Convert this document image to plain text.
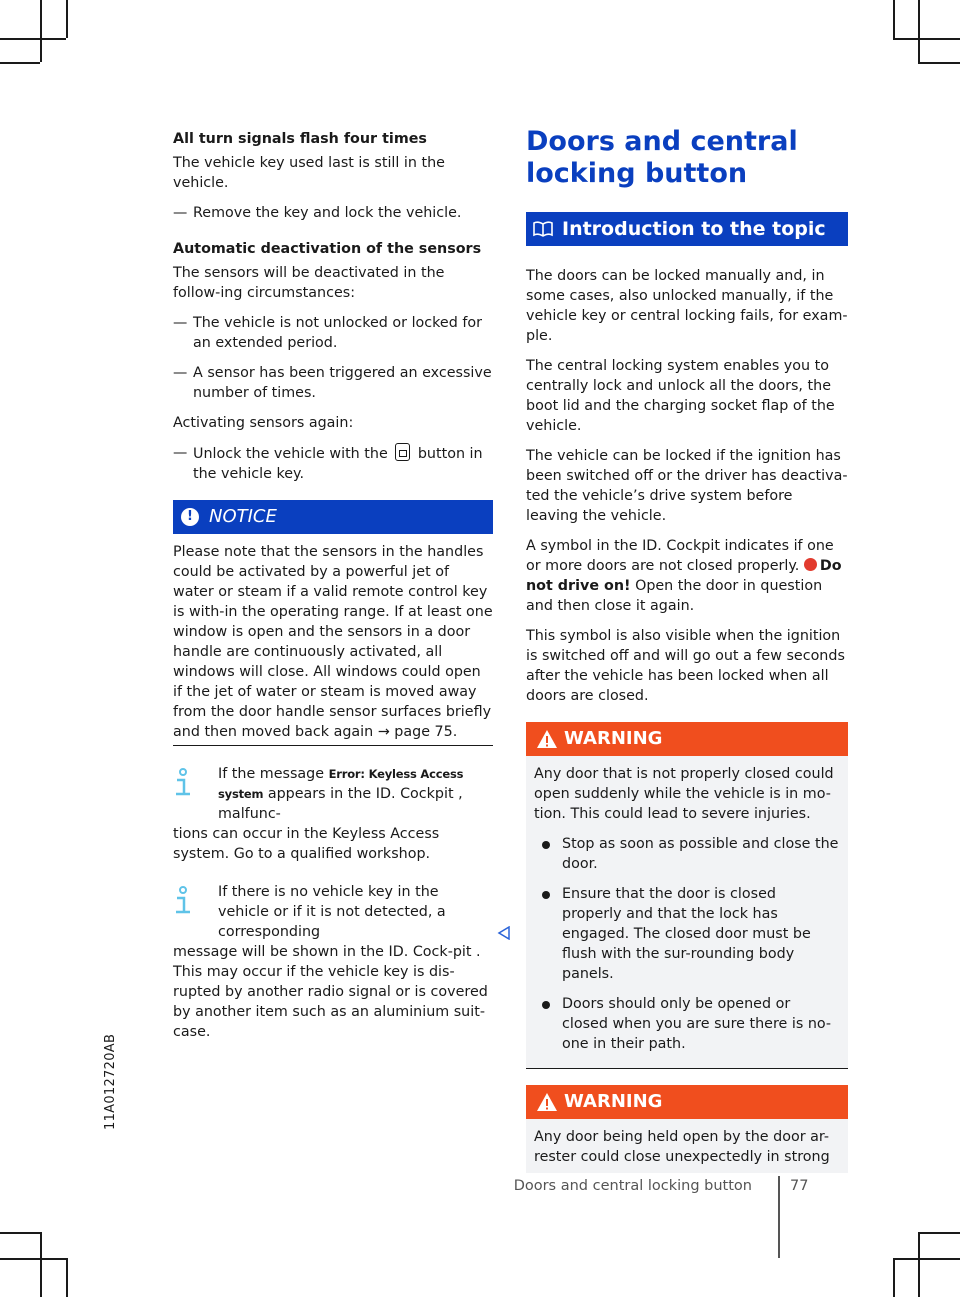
All turn signals flash four times

The vehicle key used last is still in the vehicle.

— Remove the key and lock the vehicle.

Automatic deactivation of the sensors

The sensors will be deactivated in the follow-ing circumstances:

— The vehicle is not unlocked or locked for an extended period.
— A sensor has been triggered an excessive number of times.

Activating sensors again:

— Unlock the vehicle with the button in the vehicle key.
! NOTICE
Please note that the sensors in the handles could be activated by a powerful jet of water or steam if a valid remote control key is with-in the operating range. If at least one window is open and the sensors in a door handle are continuously activated, all windows will close. All windows could open if the jet of water or steam is moved away from the door handle sensor surfaces briefly and then moved back again → page 75.
If the message Error: Keyless Access system appears in the ID. Cockpit , malfunc-
tions can occur in the Keyless Access system. Go to a qualified workshop.
If there is no vehicle key in the vehicle or if it is not detected, a corresponding
message will be shown in the ID. Cock-pit . This may occur if the vehicle key is dis-rupted by another radio signal or is covered by another item such as an aluminium suit-case.
Doors and central locking button
Introduction to the topic

The doors can be locked manually and, in some cases, also unlocked manually, if the vehicle key or central locking fails, for exam-ple.

The central locking system enables you to centrally lock and unlock all the doors, the boot lid and the charging socket flap of the vehicle.

The vehicle can be locked if the ignition has been switched off or the driver has deactiva-ted the vehicle’s drive system before leaving the vehicle.

A symbol in the ID. Cockpit indicates if one or more doors are not closed properly. Do not drive on! Open the door in question and then close it again.

This symbol is also visible when the ignition is switched off and will go out a few seconds after the vehicle has been locked when all doors are closed.

WARNING

Any door that is not properly closed could open suddenly while the vehicle is in mo-tion. This could lead to severe injuries.

Stop as soon as possible and close the door.
Ensure that the door is closed properly and that the lock has engaged. The closed door must be flush with the sur-rounding body panels.
Doors should only be opened or closed when you are sure there is no-one in their path.
WARNING

Any door being held open by the door ar-rester could close unexpectedly in strong

11A012720AB
Doors and central locking button	77
